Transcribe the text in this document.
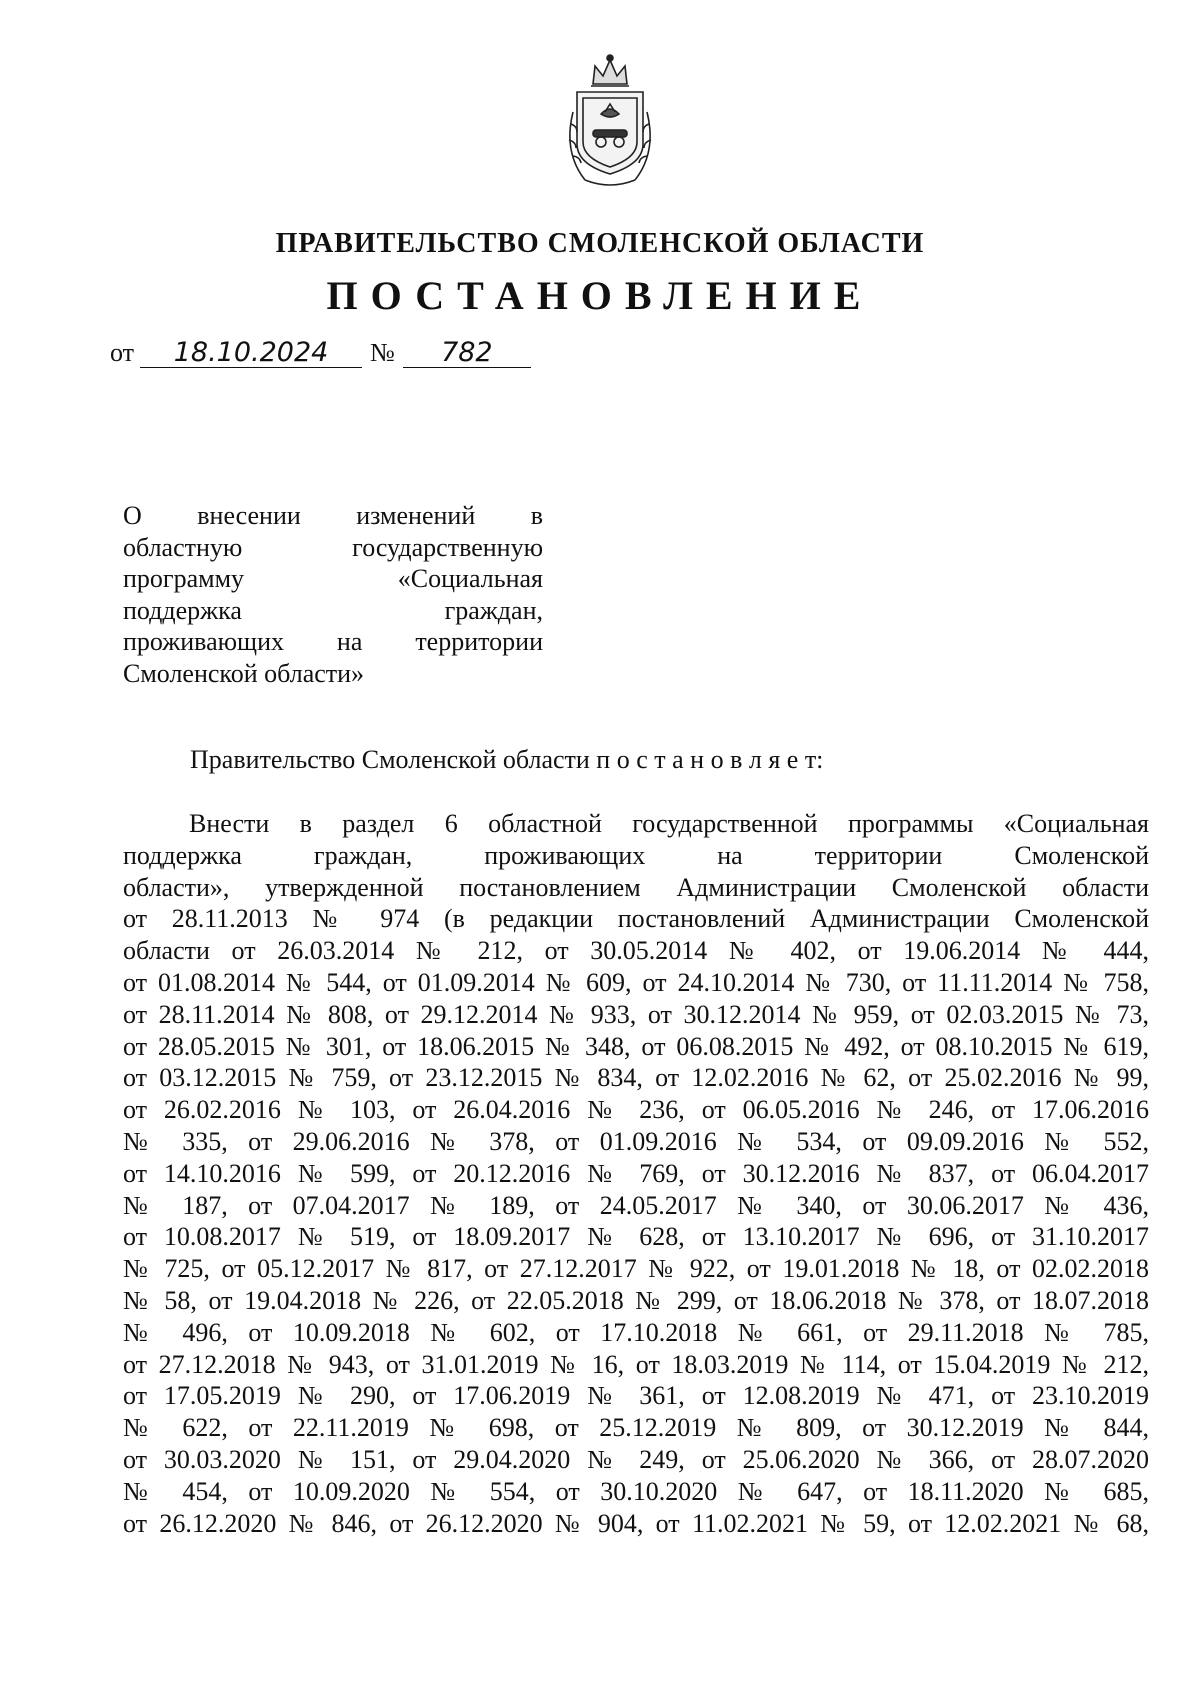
ПРАВИТЕЛЬСТВО СМОЛЕНСКОЙ ОБЛАСТИ
ПОСТАНОВЛЕНИЕ
от 18.10.2024 № 782
О внесении изменений в
областную государственную
программу «Социальная
поддержка граждан,
проживающих на территории
Смоленской области»
Правительство Смоленской области п о с т а н о в л я е т:
Внести в раздел 6 областной государственной программы «Социальная
поддержка граждан, проживающих на территории Смоленской
области», утвержденной постановлением Администрации Смоленской области
от 28.11.2013 № 974 (в редакции постановлений Администрации Смоленской
области от 26.03.2014 № 212, от 30.05.2014 № 402, от 19.06.2014 № 444,
от 01.08.2014 № 544, от 01.09.2014 № 609, от 24.10.2014 № 730, от 11.11.2014 № 758,
от 28.11.2014 № 808, от 29.12.2014 № 933, от 30.12.2014 № 959, от 02.03.2015 № 73,
от 28.05.2015 № 301, от 18.06.2015 № 348, от 06.08.2015 № 492, от 08.10.2015 № 619,
от 03.12.2015 № 759, от 23.12.2015 № 834, от 12.02.2016 № 62, от 25.02.2016 № 99,
от 26.02.2016 № 103, от 26.04.2016 № 236, от 06.05.2016 № 246, от 17.06.2016
№ 335, от 29.06.2016 № 378, от 01.09.2016 № 534, от 09.09.2016 № 552,
от 14.10.2016 № 599, от 20.12.2016 № 769, от 30.12.2016 № 837, от 06.04.2017
№ 187, от 07.04.2017 № 189, от 24.05.2017 № 340, от 30.06.2017 № 436,
от 10.08.2017 № 519, от 18.09.2017 № 628, от 13.10.2017 № 696, от 31.10.2017
№ 725, от 05.12.2017 № 817, от 27.12.2017 № 922, от 19.01.2018 № 18, от 02.02.2018
№ 58, от 19.04.2018 № 226, от 22.05.2018 № 299, от 18.06.2018 № 378, от 18.07.2018
№ 496, от 10.09.2018 № 602, от 17.10.2018 № 661, от 29.11.2018 № 785,
от 27.12.2018 № 943, от 31.01.2019 № 16, от 18.03.2019 № 114, от 15.04.2019 № 212,
от 17.05.2019 № 290, от 17.06.2019 № 361, от 12.08.2019 № 471, от 23.10.2019
№ 622, от 22.11.2019 № 698, от 25.12.2019 № 809, от 30.12.2019 № 844,
от 30.03.2020 № 151, от 29.04.2020 № 249, от 25.06.2020 № 366, от 28.07.2020
№ 454, от 10.09.2020 № 554, от 30.10.2020 № 647, от 18.11.2020 № 685,
от 26.12.2020 № 846, от 26.12.2020 № 904, от 11.02.2021 № 59, от 12.02.2021 № 68,
